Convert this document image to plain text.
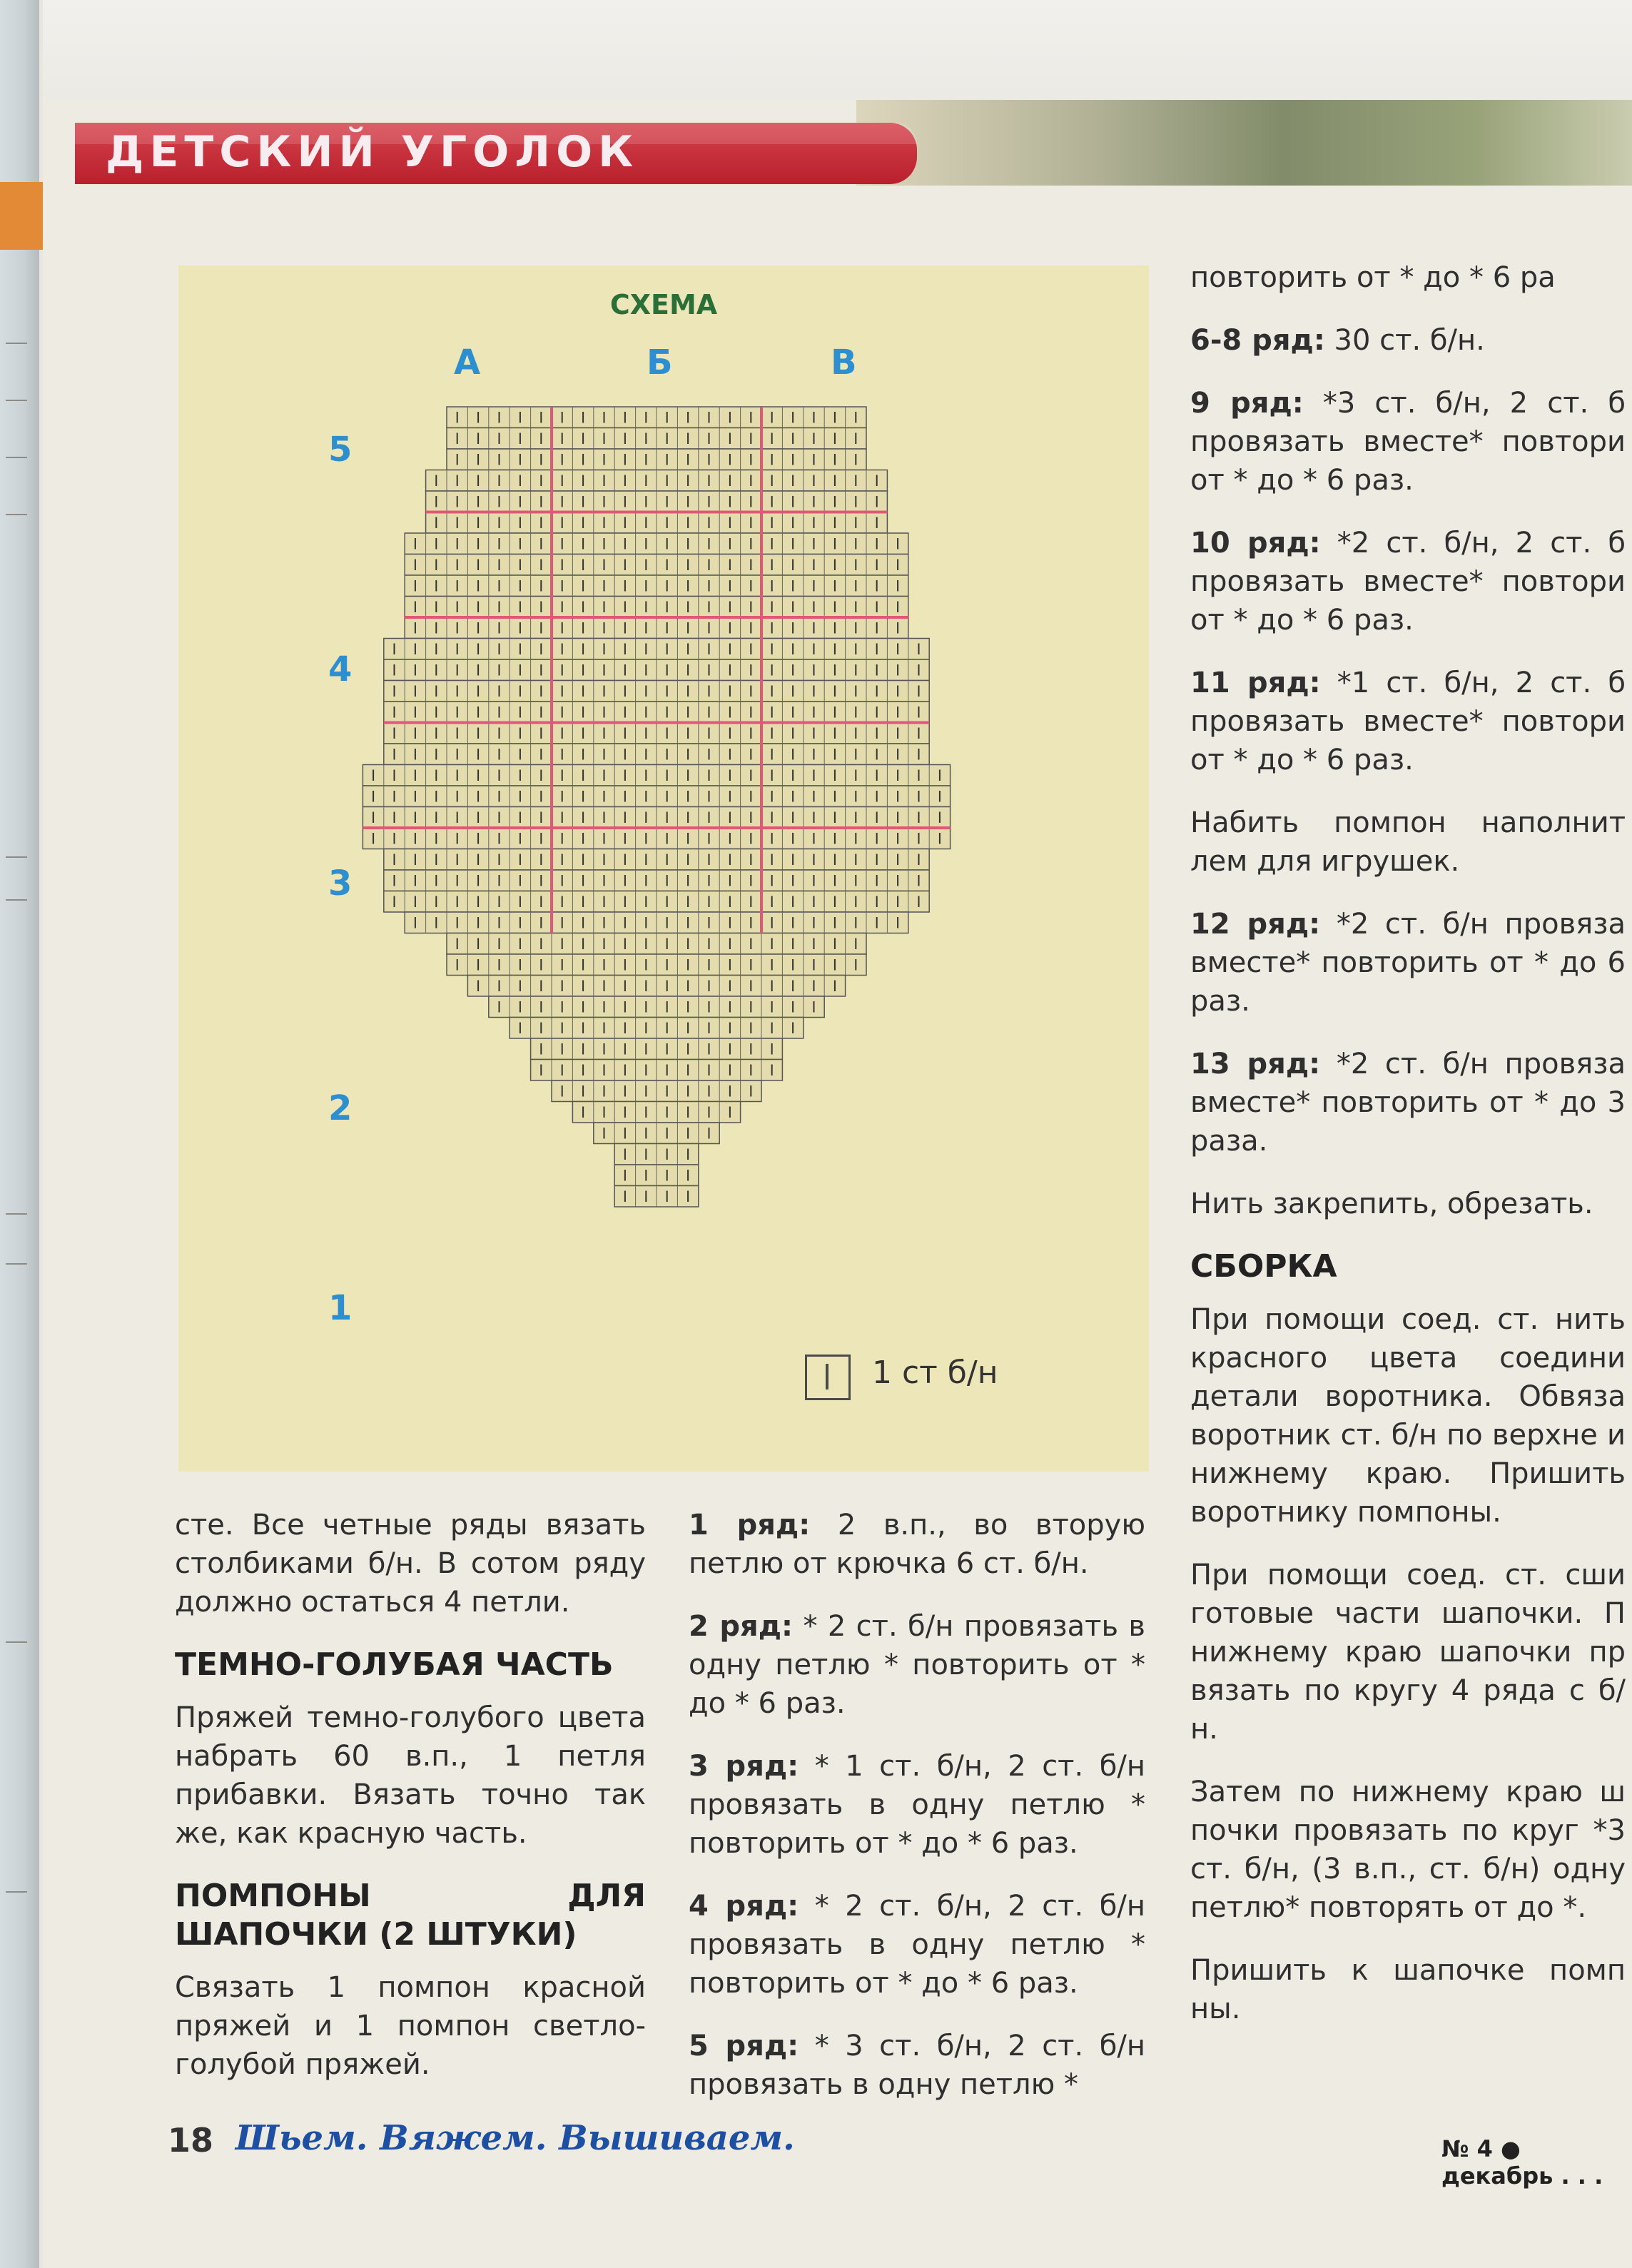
ДЕТСКИЙ УГОЛОК
СХЕМА
А	Б	В
5
4
3
2
1
1 ст б/н

сте. Все четные ряды вязать столбиками б/н. В сотом ряду должно остаться 4 петли.

ТЕМНО-ГОЛУБАЯ ЧАСТЬ

Пряжей темно-голубого цвета набрать 60 в.п., 1 петля прибавки. Вязать точно так же, как красную часть.

ПОМПОНЫ ДЛЯ ШАПОЧКИ (2 ШТУКИ)

Связать 1 помпон красной пряжей и 1 помпон светло-голубой пряжей.

1 ряд: 2 в.п., во вторую петлю от крючка 6 ст. б/н.

2 ряд: * 2 ст. б/н провязать в одну петлю * повторить от * до * 6 раз.

3 ряд: * 1 ст. б/н, 2 ст. б/н провязать в одну петлю * повторить от * до * 6 раз.

4 ряд: * 2 ст. б/н, 2 ст. б/н провязать в одну петлю * повторить от * до * 6 раз.

5 ряд: * 3 ст. б/н, 2 ст. б/н провязать в одну петлю *

повторить от * до * 6 ра

6-8 ряд: 30 ст. б/н.

9 ряд: *3 ст. б/н, 2 ст. б провязать вместе* повтори от * до * 6 раз.

10 ряд: *2 ст. б/н, 2 ст. б провязать вместе* повтори от * до * 6 раз.

11 ряд: *1 ст. б/н, 2 ст. б провязать вместе* повтори от * до * 6 раз.

Набить помпон наполнит лем для игрушек.

12 ряд: *2 ст. б/н провяза вместе* повторить от * до 6 раз.

13 ряд: *2 ст. б/н провяза вместе* повторить от * до 3 раза.

Нить закрепить, обрезать.

СБОРКА

При помощи соед. ст. нить красного цвета соедини детали воротника. Обвяза воротник ст. б/н по верхне и нижнему краю. Пришить воротнику помпоны.

При помощи соед. ст. сши готовые части шапочки. П нижнему краю шапочки пр вязать по кругу 4 ряда с б/н.

Затем по нижнему краю ш почки провязать по круг *3 ст. б/н, (3 в.п., ст. б/н) одну петлю* повторять от до *.

Пришить к шапочке помп ны.

18 Шьем. Вяжем. Вышиваем.	№ 4 ● декабрь . . .
